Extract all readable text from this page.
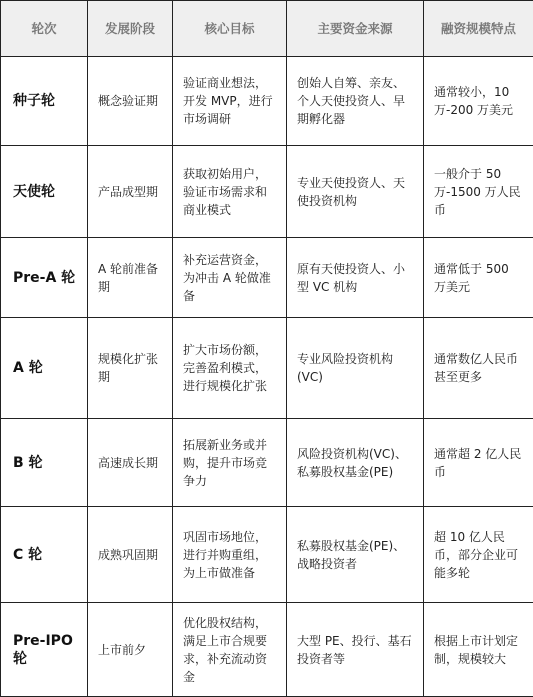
轮次	发展阶段	核心目标	主要资金来源	融资规模特点
种子轮	概念验证期	验证商业想法，开发 MVP，进行市场调研	创始人自筹、亲友、个人天使投资人、早期孵化器	通常较小，10 万-200 万美元
天使轮	产品成型期	获取初始用户，验证市场需求和商业模式	专业天使投资人、天使投资机构	一般介于 50 万-1500 万人民币
Pre-A 轮	A 轮前准备期	补充运营资金，为冲击 A 轮做准备	原有天使投资人、小型 VC 机构	通常低于 500 万美元
A 轮	规模化扩张期	扩大市场份额，完善盈利模式，进行规模化扩张	专业风险投资机构(VC)	通常数亿人民币甚至更多
B 轮	高速成长期	拓展新业务或并购，提升市场竞争力	风险投资机构(VC)、私募股权基金(PE)	通常超 2 亿人民币
C 轮	成熟巩固期	巩固市场地位，进行并购重组，为上市做准备	私募股权基金(PE)、战略投资者	超 10 亿人民币，部分企业可能多轮
Pre-IPO 轮	上市前夕	优化股权结构，满足上市合规要求，补充流动资金	大型 PE、投行、基石投资者等	根据上市计划定制，规模较大
